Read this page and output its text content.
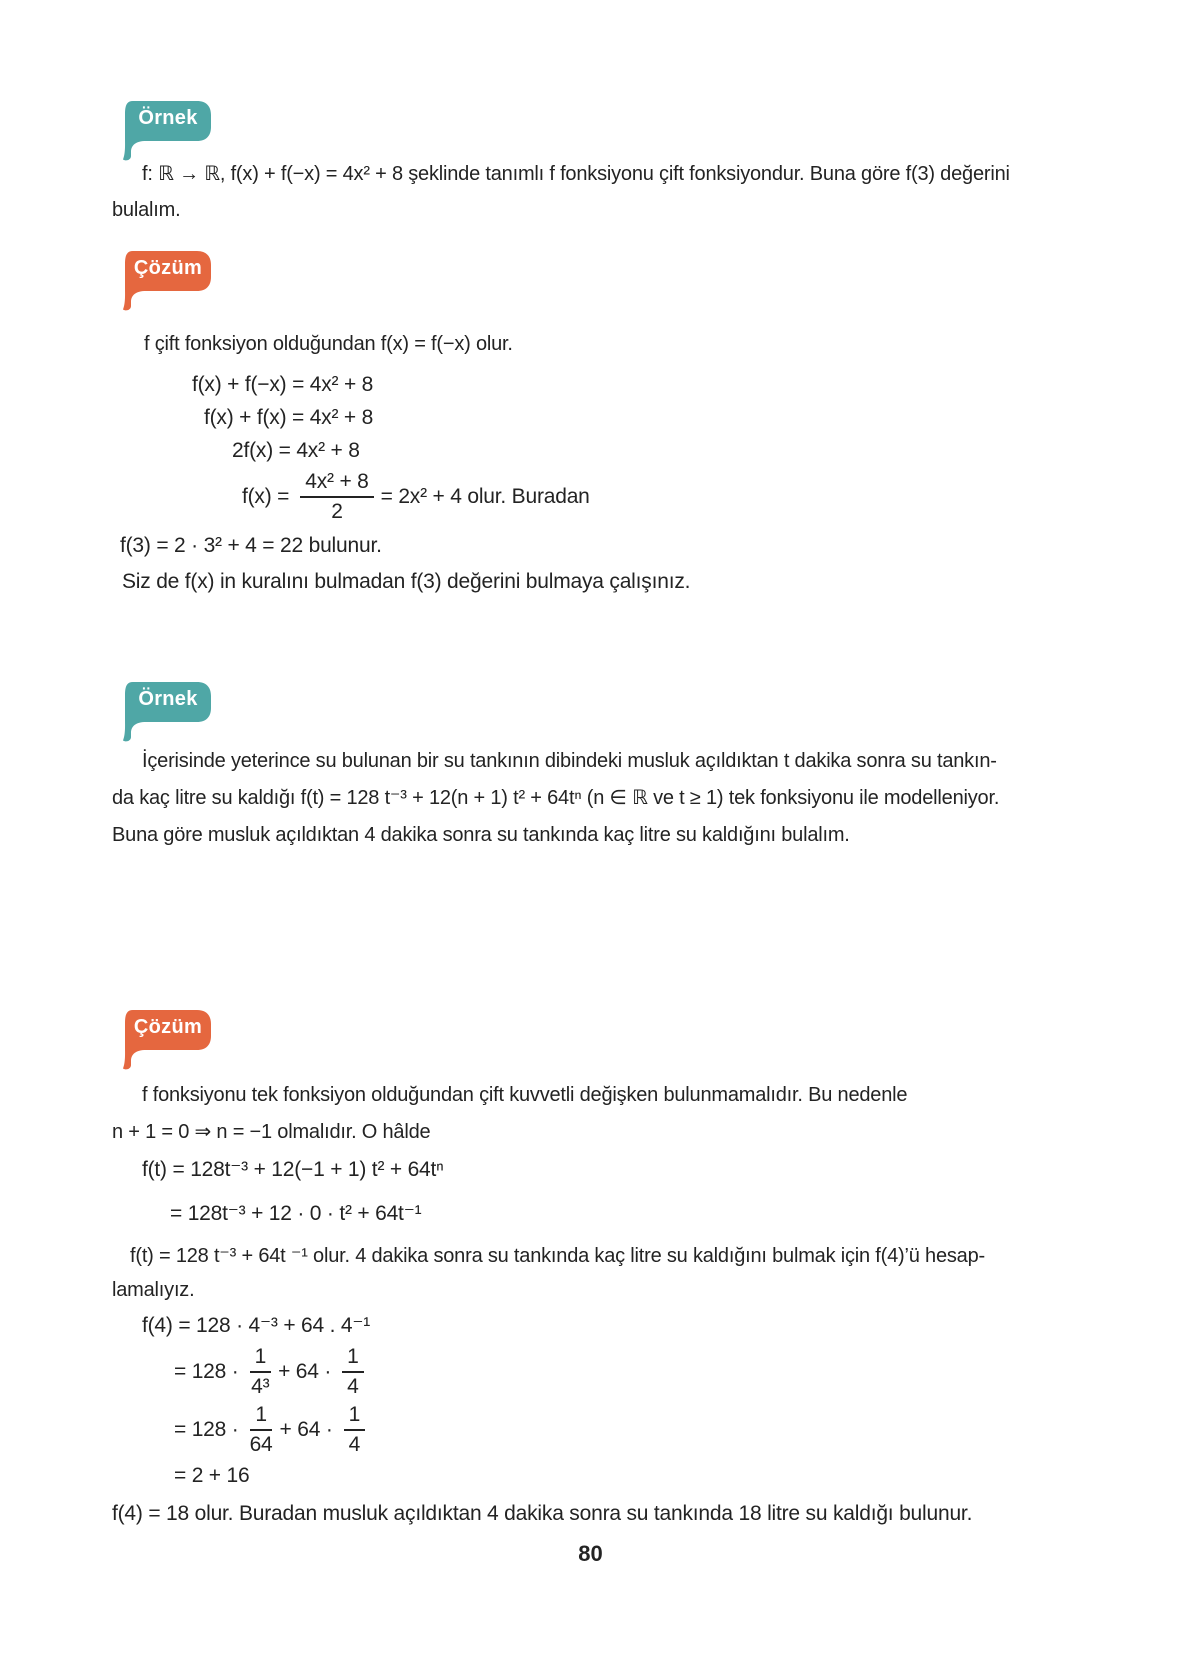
Örnek
f: ℝ → ℝ, f(x) + f(−x) = 4x² + 8 şeklinde tanımlı f fonksiyonu çift fonksiyondur. Buna göre f(3) değerini
bulalım.
Çözüm
f çift fonksiyon olduğundan f(x) = f(−x) olur.
f(x) + f(−x) = 4x² + 8
f(x) + f(x) = 4x² + 8
2f(x) = 4x² + 8
$f(x) = \frac{\text{4x² + 8}}{2} = 2x^2 + 4$ olur. Buradan
f(3) = 2 · 3² + 4 = 22 bulunur.
Siz de f(x) in kuralını bulmadan f(3) değerini bulmaya çalışınız.
Örnek
İçerisinde yeterince su bulunan bir su tankının dibindeki musluk açıldıktan t dakika sonra su tankın-
da kaç litre su kaldığı f(t) = 128 t⁻³ + 12(n + 1) t² + 64tⁿ (n ∈ ℝ ve t ≥ 1) tek fonksiyonu ile modelleniyor.
Buna göre musluk açıldıktan 4 dakika sonra su tankında kaç litre su kaldığını bulalım.
Çözüm
f fonksiyonu tek fonksiyon olduğundan çift kuvvetli değişken bulunmamalıdır. Bu nedenle
n + 1 = 0 ⇒ n = −1 olmalıdır. O hâlde
f(t) = 128t⁻³ + 12(−1 + 1) t² + 64tⁿ
= 128t⁻³ + 12 · 0 · t² + 64t⁻¹
f(t) = 128 t⁻³ + 64t ⁻¹ olur. 4 dakika sonra su tankında kaç litre su kaldığını bulmak için f(4)’ü hesap-
lamalıyız.
f(4) = 128 · 4⁻³ + 64 . 4⁻¹
= $128 \cdot \frac{1}{\text{4³}} + 64 \cdot \frac{1}{4}$
= $128 \cdot \frac{1}{64} + 64 \cdot \frac{1}{4}$
= 2 + 16
f(4) = 18 olur. Buradan musluk açıldıktan 4 dakika sonra su tankında 18 litre su kaldığı bulunur.
80
